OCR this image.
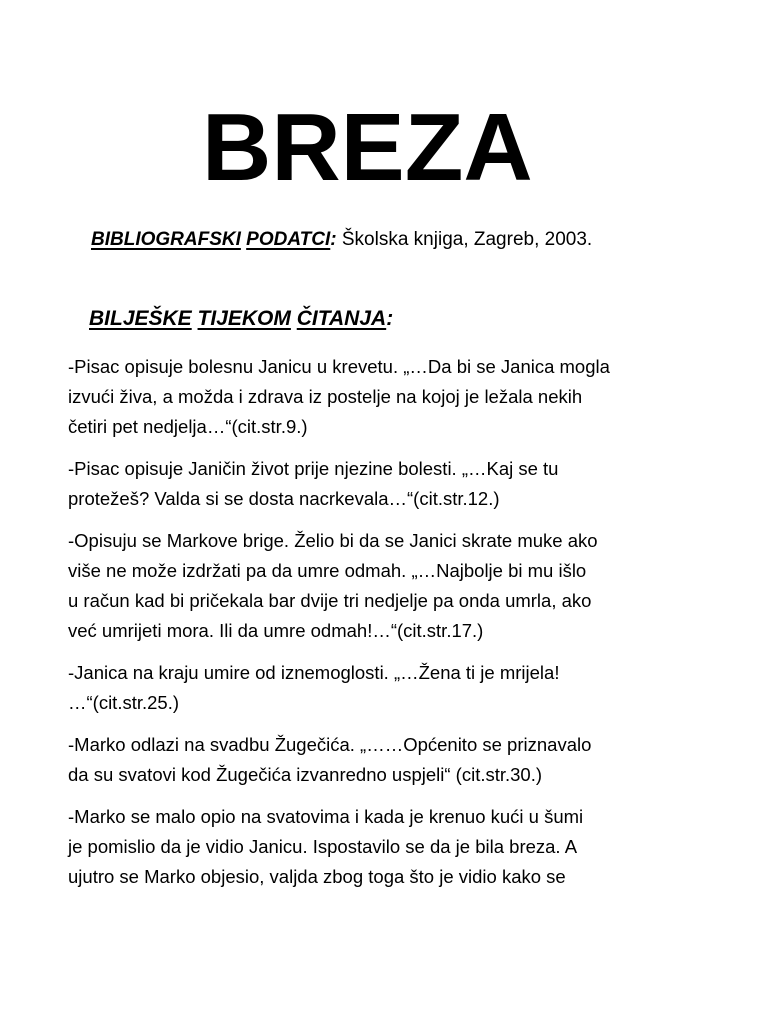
BREZA
BIBLIOGRAFSKI PODATCI: Školska knjiga, Zagreb, 2003.
BILJEŠKE TIJEKOM ČITANJA:

-Pisac opisuje bolesnu Janicu u krevetu. „…Da bi se Janica mogla
izvući živa, a možda i zdrava iz postelje na kojoj je ležala nekih
četiri pet nedjelja…“(cit.str.9.)

-Pisac opisuje Janičin život prije njezine bolesti. „…Kaj se tu
protežeš? Valda si se dosta nacrkevala…“(cit.str.12.)

-Opisuju se Markove brige. Želio bi da se Janici skrate muke ako
više ne može izdržati pa da umre odmah. „…Najbolje bi mu išlo
u račun kad bi pričekala bar dvije tri nedjelje pa onda umrla, ako
već umrijeti mora. Ili da umre odmah!…“(cit.str.17.)

-Janica na kraju umire od iznemoglosti. „…Žena ti je mrijela!
…“(cit.str.25.)

-Marko odlazi na svadbu Žugečića. „……Općenito se priznavalo
da su svatovi kod Žugečića izvanredno uspjeli“ (cit.str.30.)

-Marko se malo opio na svatovima i kada je krenuo kući u šumi
je pomislio da je vidio Janicu. Ispostavilo se da je bila breza. A
ujutro se Marko objesio, valjda zbog toga što je vidio kako se
